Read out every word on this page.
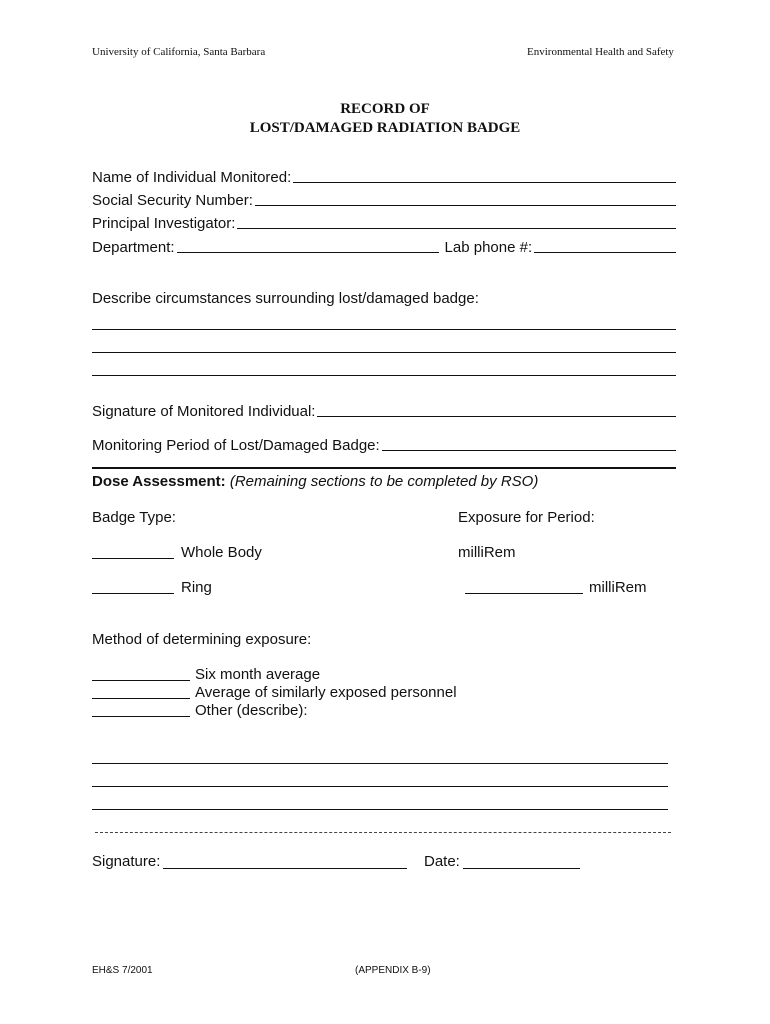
University of California, Santa Barbara	Environmental Health and Safety
RECORD OF
LOST/DAMAGED RADIATION BADGE
Name of Individual Monitored:
Social Security Number:
Principal Investigator:
Department:	Lab phone #:
Describe circumstances surrounding lost/damaged badge:
Signature of Monitored Individual:
Monitoring Period of Lost/Damaged Badge:
Dose Assessment: (Remaining sections to be completed by RSO)
Badge Type:	Exposure for Period:
Whole Body	milliRem
Ring	milliRem
Method of determining exposure:
Six month average
Average of similarly exposed personnel
Other (describe):
Signature:	Date:
EH&S 7/2001	(APPENDIX B-9)
